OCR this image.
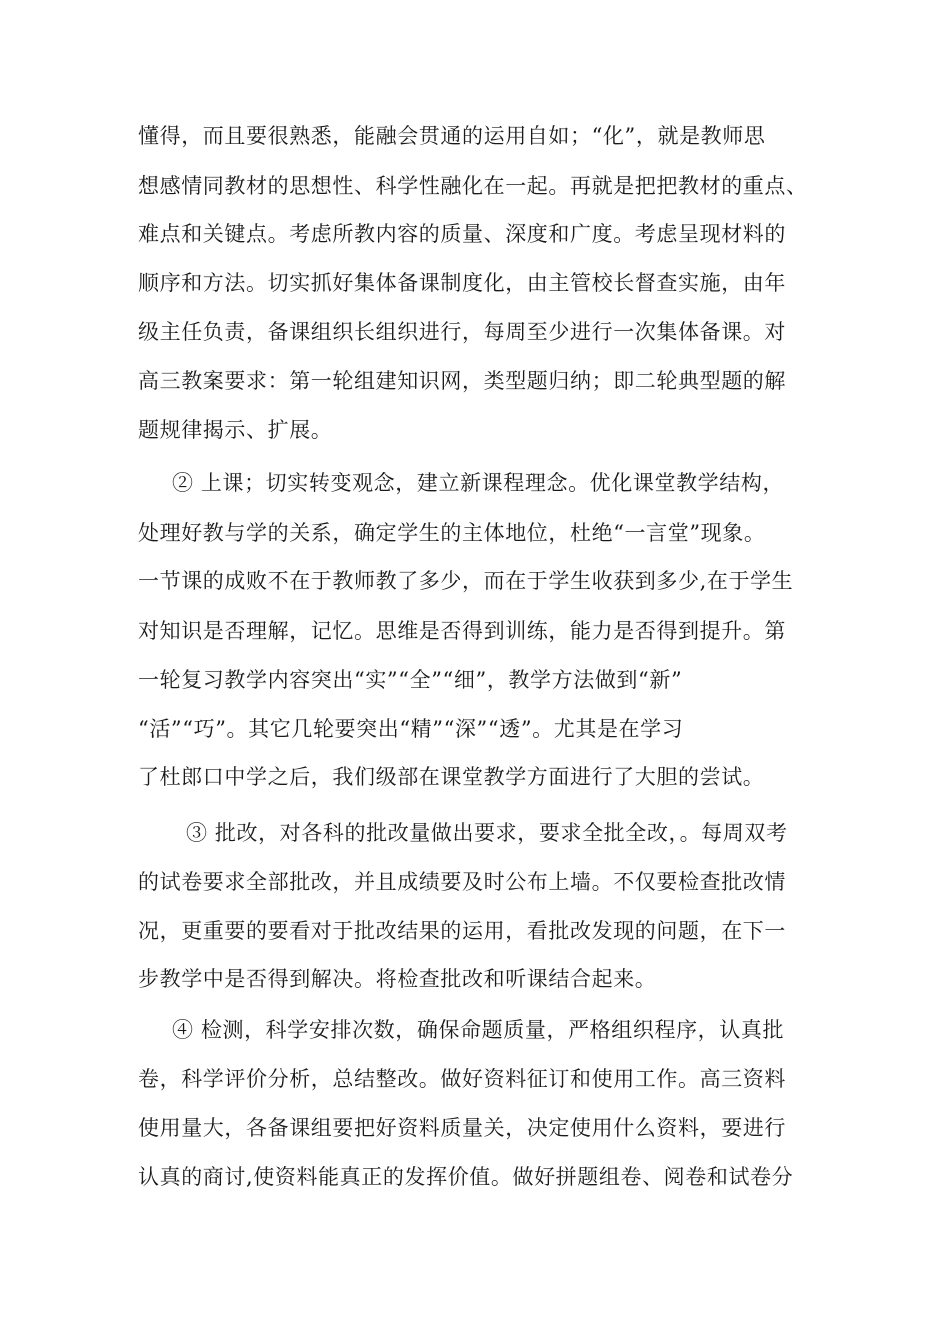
懂得，而且要很熟悉，能融会贯通的运用自如；“化”，就是教师思
想感情同教材的思想性、科学性融化在一起。再就是把把教材的重点、
难点和关键点。考虑所教内容的质量、深度和广度。考虑呈现材料的
顺序和方法。切实抓好集体备课制度化，由主管校长督查实施，由年
级主任负责，备课组织长组织进行，每周至少进行一次集体备课。对
高三教案要求：第一轮组建知识网，类型题归纳；即二轮典型题的解
题规律揭示、扩展。
② 上课；切实转变观念，建立新课程理念。优化课堂教学结构，
处理好教与学的关系，确定学生的主体地位，杜绝“一言堂”现象。
一节课的成败不在于教师教了多少，而在于学生收获到多少,在于学生
对知识是否理解，记忆。思维是否得到训练，能力是否得到提升。第
一轮复习教学内容突出“实”“全”“细”，教学方法做到“新”
“活”“巧”。其它几轮要突出“精”“深”“透”。尤其是在学习
了杜郎口中学之后，我们级部在课堂教学方面进行了大胆的尝试。
③ 批改，对各科的批改量做出要求，要求全批全改，。每周双考
的试卷要求全部批改，并且成绩要及时公布上墙。不仅要检查批改情
况，更重要的要看对于批改结果的运用，看批改发现的问题，在下一
步教学中是否得到解决。将检查批改和听课结合起来。
④ 检测，科学安排次数，确保命题质量，严格组织程序，认真批
卷，科学评价分析，总结整改。做好资料征订和使用工作。高三资料
使用量大，各备课组要把好资料质量关，决定使用什么资料，要进行
认真的商讨,使资料能真正的发挥价值。做好拼题组卷、阅卷和试卷分
